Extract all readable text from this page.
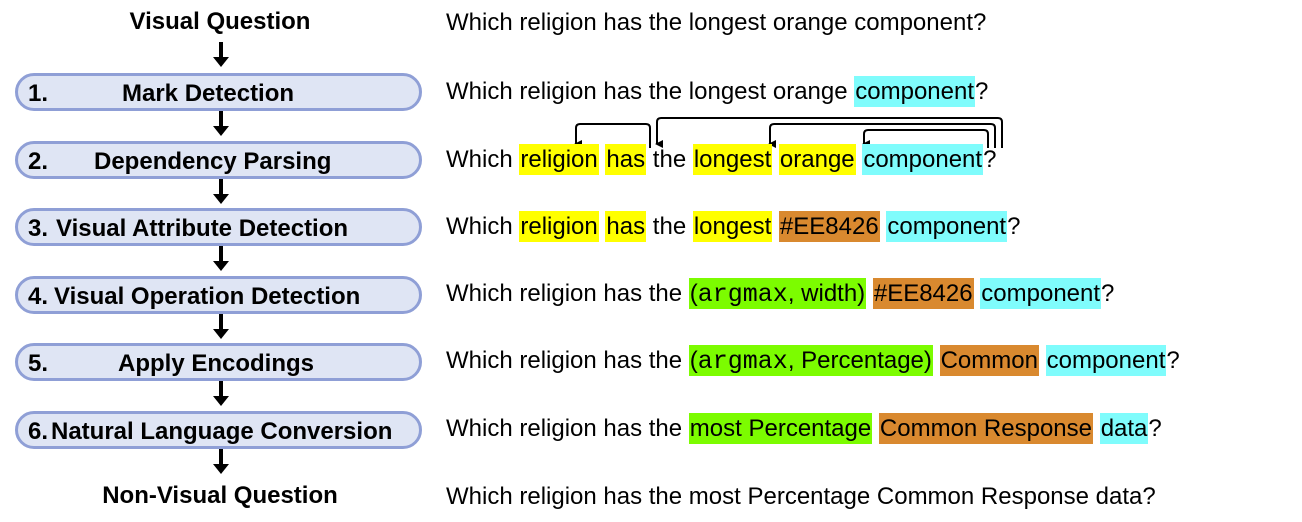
Visual Question
1.	Mark Detection
2. Dependency Parsing
3. Visual Attribute Detection
4. Visual Operation Detection
5.	Apply Encodings
6. Natural Language Conversion
Non-Visual Question
Which religion has the longest orange component?
Which religion has the longest orange component?
Which religion has the longest orange component?
Which religion has the longest #EE8426 component?
Which religion has the (argmax, width) #EE8426 component?
Which religion has the (argmax, Percentage) Common component?
Which religion has the most Percentage Common Response data?
Which religion has the most Percentage Common Response data?
